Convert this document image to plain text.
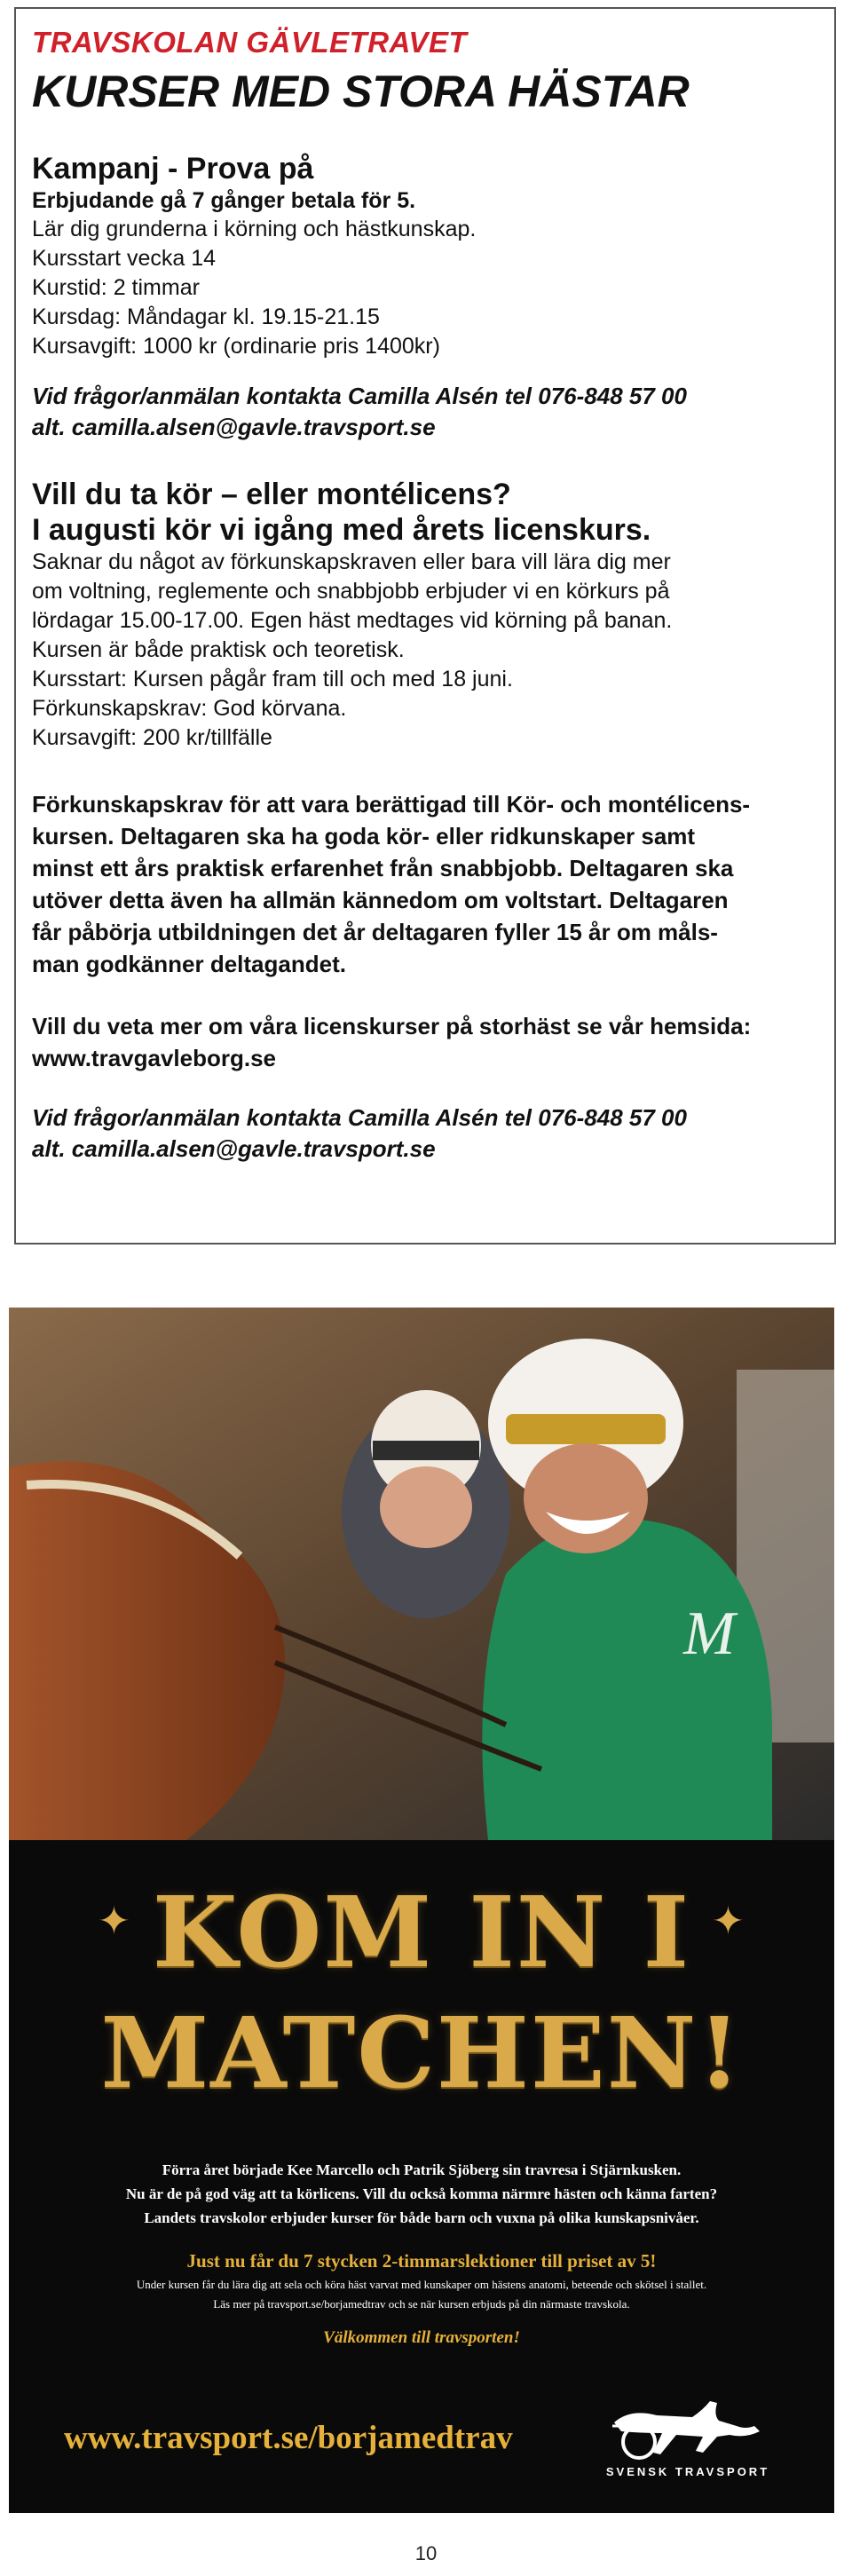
TRAVSKOLAN GÄVLETRAVET

KURSER MED STORA HÄSTAR

Kampanj - Prova på

Erbjudande gå 7 gånger betala för 5.

Lär dig grunderna i körning och hästkunskap.

Kursstart vecka 14

Kurstid: 2 timmar

Kursdag: Måndagar kl. 19.15-21.15

Kursavgift: 1000 kr (ordinarie pris 1400kr)

Vid frågor/anmälan kontakta Camilla Alsén tel 076-848 57 00

alt. camilla.alsen@gavle.travsport.se

Vill du ta kör – eller montélicens?

I augusti kör vi igång med årets licenskurs.

Saknar du något av förkunskapskraven eller bara vill lära dig mer

om voltning, reglemente och snabbjobb erbjuder vi en körkurs på

lördagar 15.00-17.00. Egen häst medtages vid körning på banan.

Kursen är både praktisk och teoretisk.

Kursstart: Kursen pågår fram till och med 18 juni.

Förkunskapskrav: God körvana.

Kursavgift: 200 kr/tillfälle

Förkunskapskrav för att vara berättigad till Kör- och montélicens-

kursen. Deltagaren ska ha goda kör- eller ridkunskaper samt

minst ett års praktisk erfarenhet från snabbjobb. Deltagaren ska

utöver detta även ha allmän kännedom om voltstart. Deltagaren

får påbörja utbildningen det år deltagaren fyller 15 år om måls-

man godkänner deltagandet.

Vill du veta mer om våra licenskurser på storhäst se vår hemsida:

www.travgavleborg.se

Vid frågor/anmälan kontakta Camilla Alsén tel 076-848 57 00

alt. camilla.alsen@gavle.travsport.se

M
✦	✦
KOM IN I
MATCHEN!
Förra året började Kee Marcello och Patrik Sjöberg sin travresa i Stjärnkusken.
Nu är de på god väg att ta körlicens. Vill du också komma närmre hästen och känna farten?
Landets travskolor erbjuder kurser för både barn och vuxna på olika kunskapsnivåer.
Just nu får du 7 stycken 2-timmarslektioner till priset av 5!
Under kursen får du lära dig att sela och köra häst varvat med kunskaper om hästens anatomi, beteende och skötsel i stallet.
Läs mer på travsport.se/borjamedtrav och se när kursen erbjuds på din närmaste travskola.
Välkommen till travsporten!
www.travsport.se/borjamedtrav
SVENSK TRAVSPORT
10
